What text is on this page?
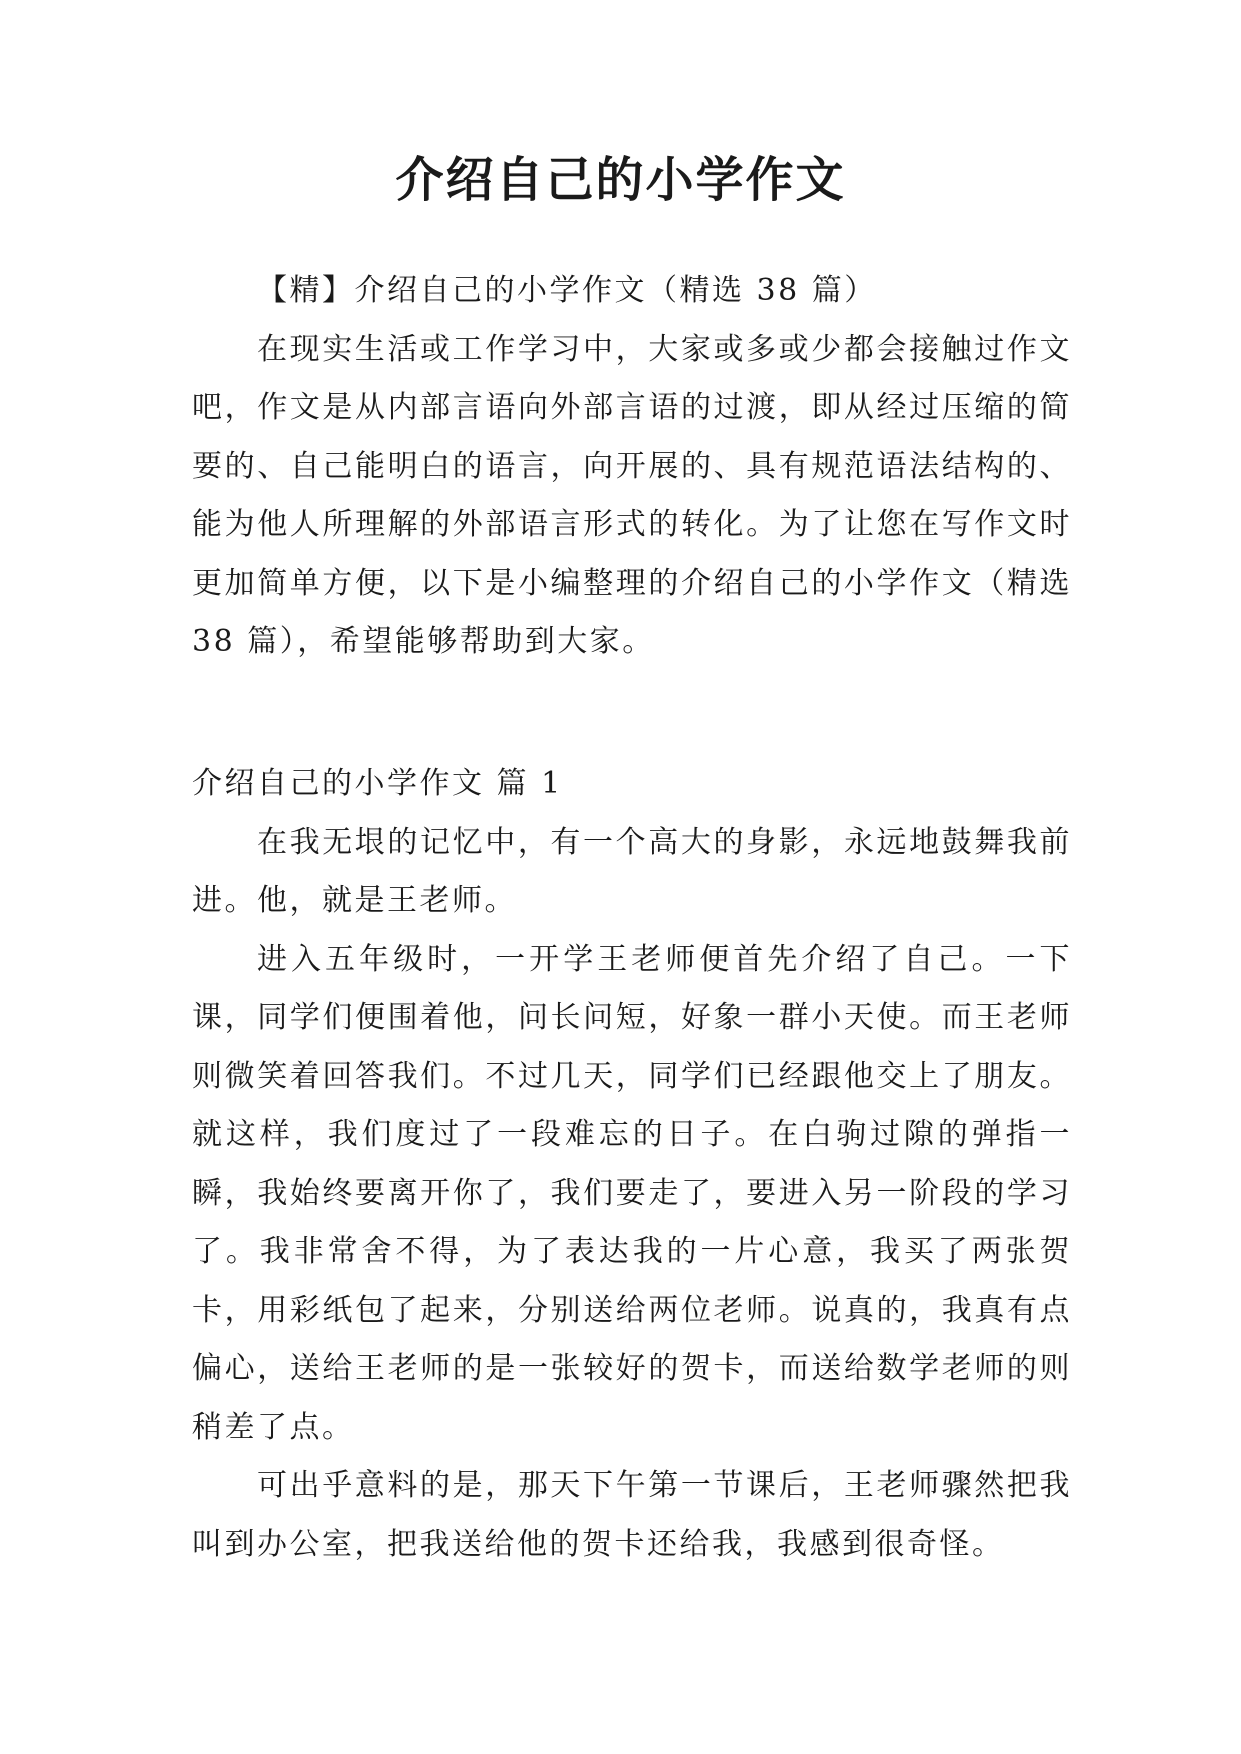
介绍自己的小学作文

【精】介绍自己的小学作文（精选 38 篇）

在现实生活或工作学习中，大家或多或少都会接触过作文吧，作文是从内部言语向外部言语的过渡，即从经过压缩的简要的、自己能明白的语言，向开展的、具有规范语法结构的、能为他人所理解的外部语言形式的转化。为了让您在写作文时更加简单方便，以下是小编整理的介绍自己的小学作文（精选 38 篇），希望能够帮助到大家。

介绍自己的小学作文 篇 1

在我无垠的记忆中，有一个高大的身影，永远地鼓舞我前进。他，就是王老师。

进入五年级时，一开学王老师便首先介绍了自己。一下课，同学们便围着他，问长问短，好象一群小天使。而王老师则微笑着回答我们。不过几天，同学们已经跟他交上了朋友。就这样，我们度过了一段难忘的日子。在白驹过隙的弹指一瞬，我始终要离开你了，我们要走了，要进入另一阶段的学习了。我非常舍不得，为了表达我的一片心意，我买了两张贺卡，用彩纸包了起来，分别送给两位老师。说真的，我真有点偏心，送给王老师的是一张较好的贺卡，而送给数学老师的则稍差了点。

可出乎意料的是，那天下午第一节课后，王老师骤然把我叫到办公室，把我送给他的贺卡还给我，我感到很奇怪。
